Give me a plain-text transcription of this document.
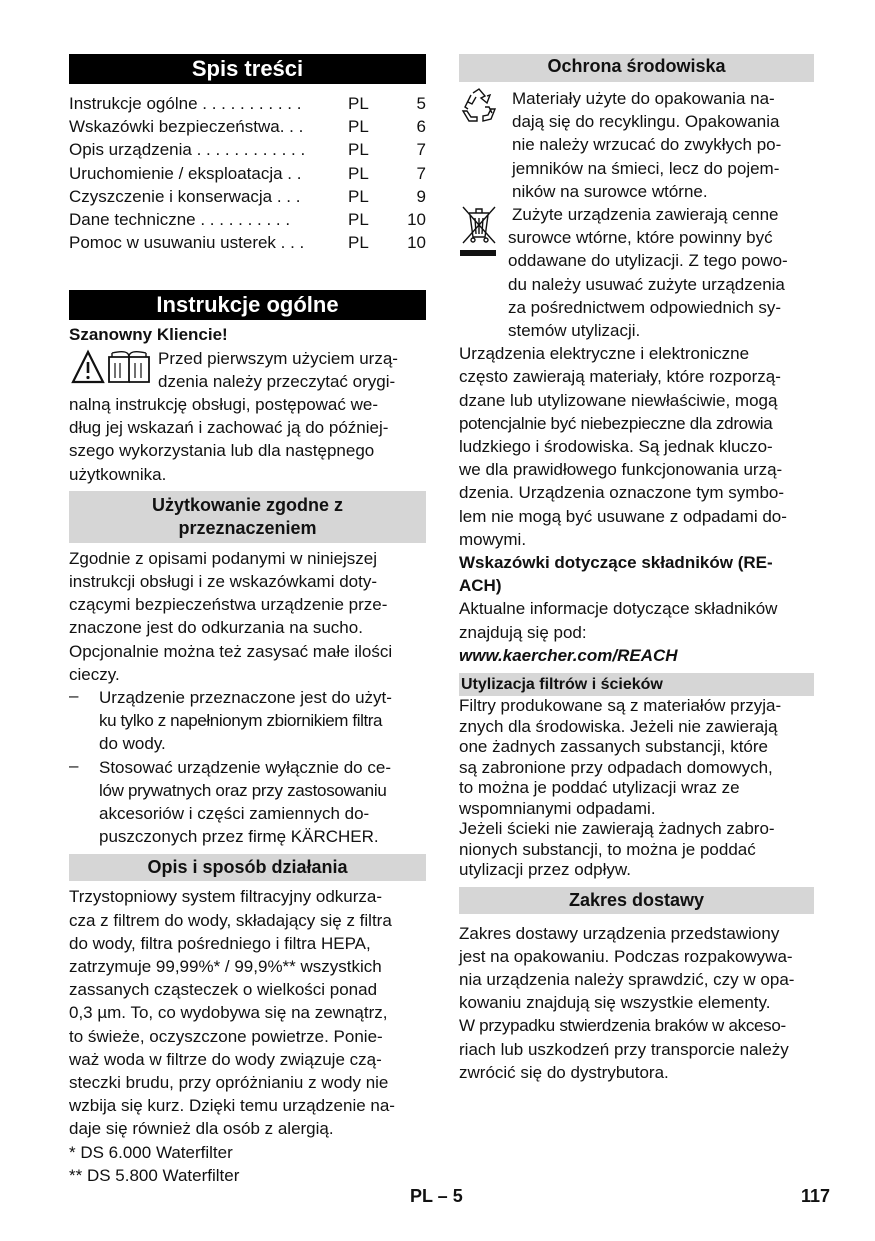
Spis treści
Instrukcje ogólne . . . . . . . . . . .	PL	5
Wskazówki bezpieczeństwa. . .	PL	6
Opis urządzenia . . . . . . . . . . . .	PL	7
Uruchomienie / eksploatacja . .	PL	7
Czyszczenie i konserwacja . . .	PL	9
Dane techniczne . . . . . . . . . .	PL	10
Pomoc w usuwaniu usterek . . .	PL	10
Instrukcje ogólne

Szanowny Kliencie!

Przed pierwszym użyciem urzą-

dzenia należy przeczytać orygi-

nalną instrukcję obsługi, postępować we-

dług jej wskazań i zachować ją do później-

szego wykorzystania lub dla następnego

użytkownika.

Użytkowanie zgodne z
przeznaczeniem

Zgodnie z opisami podanymi w niniejszej

instrukcji obsługi i ze wskazówkami doty-

czącymi bezpieczeństwa urządzenie prze-

znaczone jest do odkurzania na sucho.

Opcjonalnie można też zasysać małe ilości

cieczy.

–	Urządzenie przeznaczone jest do użyt-

ku tylko z napełnionym zbiornikiem filtra

do wody.

–	Stosować urządzenie wyłącznie do ce-

lów prywatnych oraz przy zastosowaniu

akcesoriów i części zamiennych do-

puszczonych przez firmę KÄRCHER.

Opis i sposób działania

Trzystopniowy system filtracyjny odkurza-

cza z filtrem do wody, składający się z filtra

do wody, filtra pośredniego i filtra HEPA,

zatrzymuje 99,99%* / 99,9%** wszystkich

zassanych cząsteczek o wielkości ponad

0,3 µm. To, co wydobywa się na zewnątrz,

to świeże, oczyszczone powietrze. Ponie-

waż woda w filtrze do wody związuje czą-

steczki brudu, przy opróżnianiu z wody nie

wzbija się kurz. Dzięki temu urządzenie na-

daje się również dla osób z alergią.

* DS 6.000 Waterfilter

** DS 5.800 Waterfilter

Ochrona środowiska

Materiały użyte do opakowania na-

dają się do recyklingu. Opakowania

nie należy wrzucać do zwykłych po-

jemników na śmieci, lecz do pojem-

ników na surowce wtórne.

Zużyte urządzenia zawierają cenne

surowce wtórne, które powinny być

oddawane do utylizacji. Z tego powo-

du należy usuwać zużyte urządzenia

za pośrednictwem odpowiednich sy-

stemów utylizacji.

Urządzenia elektryczne i elektroniczne

często zawierają materiały, które rozporzą-

dzane lub utylizowane niewłaściwie, mogą

potencjalnie być niebezpieczne dla zdrowia

ludzkiego i środowiska. Są jednak kluczo-

we dla prawidłowego funkcjonowania urzą-

dzenia. Urządzenia oznaczone tym symbo-

lem nie mogą być usuwane z odpadami do-

mowymi.

Wskazówki dotyczące składników (RE-

ACH)

Aktualne informacje dotyczące składników

znajdują się pod:

www.kaercher.com/REACH

Utylizacja filtrów i ścieków

Filtry produkowane są z materiałów przyja-

znych dla środowiska. Jeżeli nie zawierają

one żadnych zassanych substancji, które

są zabronione przy odpadach domowych,

to można je poddać utylizacji wraz ze

wspomnianymi odpadami.

Jeżeli ścieki nie zawierają żadnych zabro-

nionych substancji, to można je poddać

utylizacji przez odpływ.

Zakres dostawy

Zakres dostawy urządzenia przedstawiony

jest na opakowaniu. Podczas rozpakowywa-

nia urządzenia należy sprawdzić, czy w opa-

kowaniu znajdują się wszystkie elementy.

W przypadku stwierdzenia braków w akceso-

riach lub uszkodzeń przy transporcie należy

zwrócić się do dystrybutora.

PL – 5	117
